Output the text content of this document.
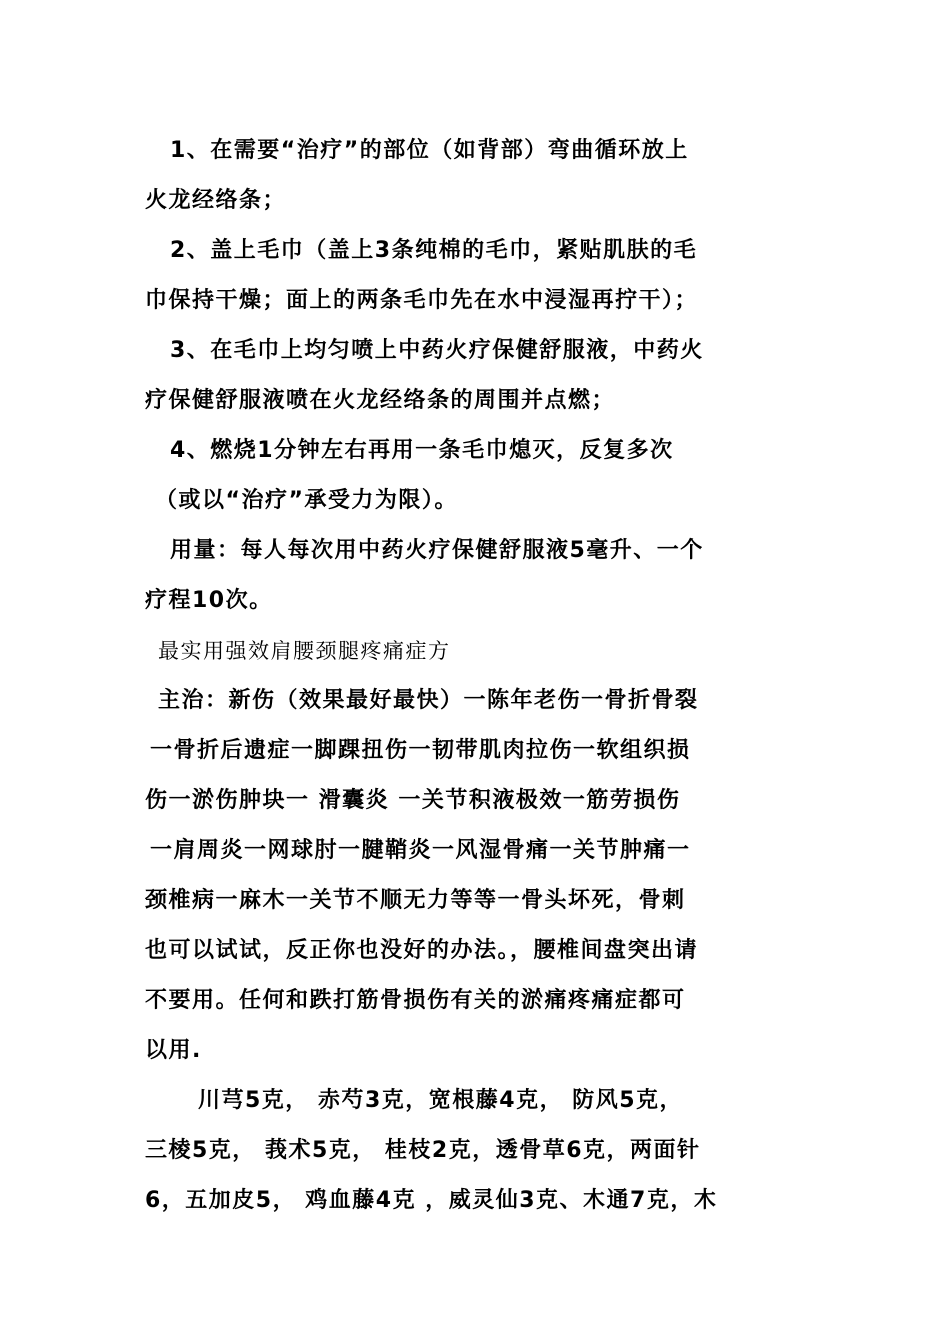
1、在需要“治疗”的部位（如背部）弯曲循环放上
火龙经络条；
2、盖上毛巾（盖上3条纯棉的毛巾，紧贴肌肤的毛
巾保持干燥；面上的两条毛巾先在水中浸湿再拧干）；
3、在毛巾上均匀喷上中药火疗保健舒服液，中药火
疗保健舒服液喷在火龙经络条的周围并点燃；
4、燃烧1分钟左右再用一条毛巾熄灭，反复多次
（或以“治疗”承受力为限）。
用量：每人每次用中药火疗保健舒服液5毫升、一个
疗程10次。
最实用强效肩腰颈腿疼痛症方
主治：新伤（效果最好最快）一陈年老伤一骨折骨裂
一骨折后遗症一脚踝扭伤一韧带肌肉拉伤一软组织损
伤一淤伤肿块一 滑囊炎 一关节积液极效一筋劳损伤
一肩周炎一网球肘一腱鞘炎一风湿骨痛一关节肿痛一
颈椎病一麻木一关节不顺无力等等一骨头坏死，骨刺
也可以试试，反正你也没好的办法。，腰椎间盘突出请
不要用。任何和跌打筋骨损伤有关的淤痛疼痛症都可
以用.
川芎5克， 赤芍3克，宽根藤4克， 防风5克，
三棱5克， 莪术5克， 桂枝2克，透骨草6克，两面针
6，五加皮5， 鸡血藤4克 ，威灵仙3克、木通7克，木
